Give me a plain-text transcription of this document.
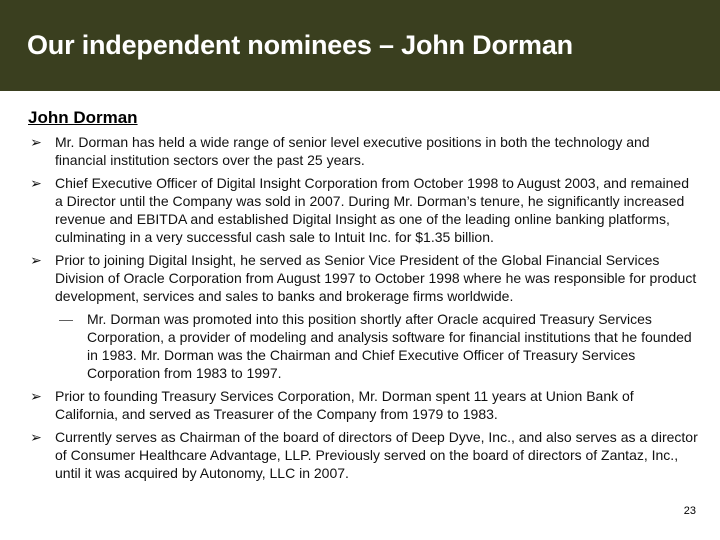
Our independent nominees – John Dorman
John Dorman
➢ Mr. Dorman has held a wide range of senior level executive positions in both the technology and financial institution sectors over the past 25 years.
➢ Chief Executive Officer of Digital Insight Corporation from October 1998 to August 2003, and remained a Director until the Company was sold in 2007. During Mr. Dorman’s tenure, he significantly increased revenue and EBITDA and established Digital Insight as one of the leading online banking platforms, culminating in a very successful cash sale to Intuit Inc. for $1.35 billion.
➢ Prior to joining Digital Insight, he served as Senior Vice President of the Global Financial Services Division of Oracle Corporation from August 1997 to October 1998 where he was responsible for product development, services and sales to banks and brokerage firms worldwide.
— Mr. Dorman was promoted into this position shortly after Oracle acquired Treasury Services Corporation, a provider of modeling and analysis software for financial institutions that he founded in 1983. Mr. Dorman was the Chairman and Chief Executive Officer of Treasury Services Corporation from 1983 to 1997.
➢ Prior to founding Treasury Services Corporation, Mr. Dorman spent 11 years at Union Bank of California, and served as Treasurer of the Company from 1979 to 1983.
➢ Currently serves as Chairman of the board of directors of Deep Dyve, Inc., and also serves as a director of Consumer Healthcare Advantage, LLP. Previously served on the board of directors of Zantaz, Inc., until it was acquired by Autonomy, LLC in 2007.
23
